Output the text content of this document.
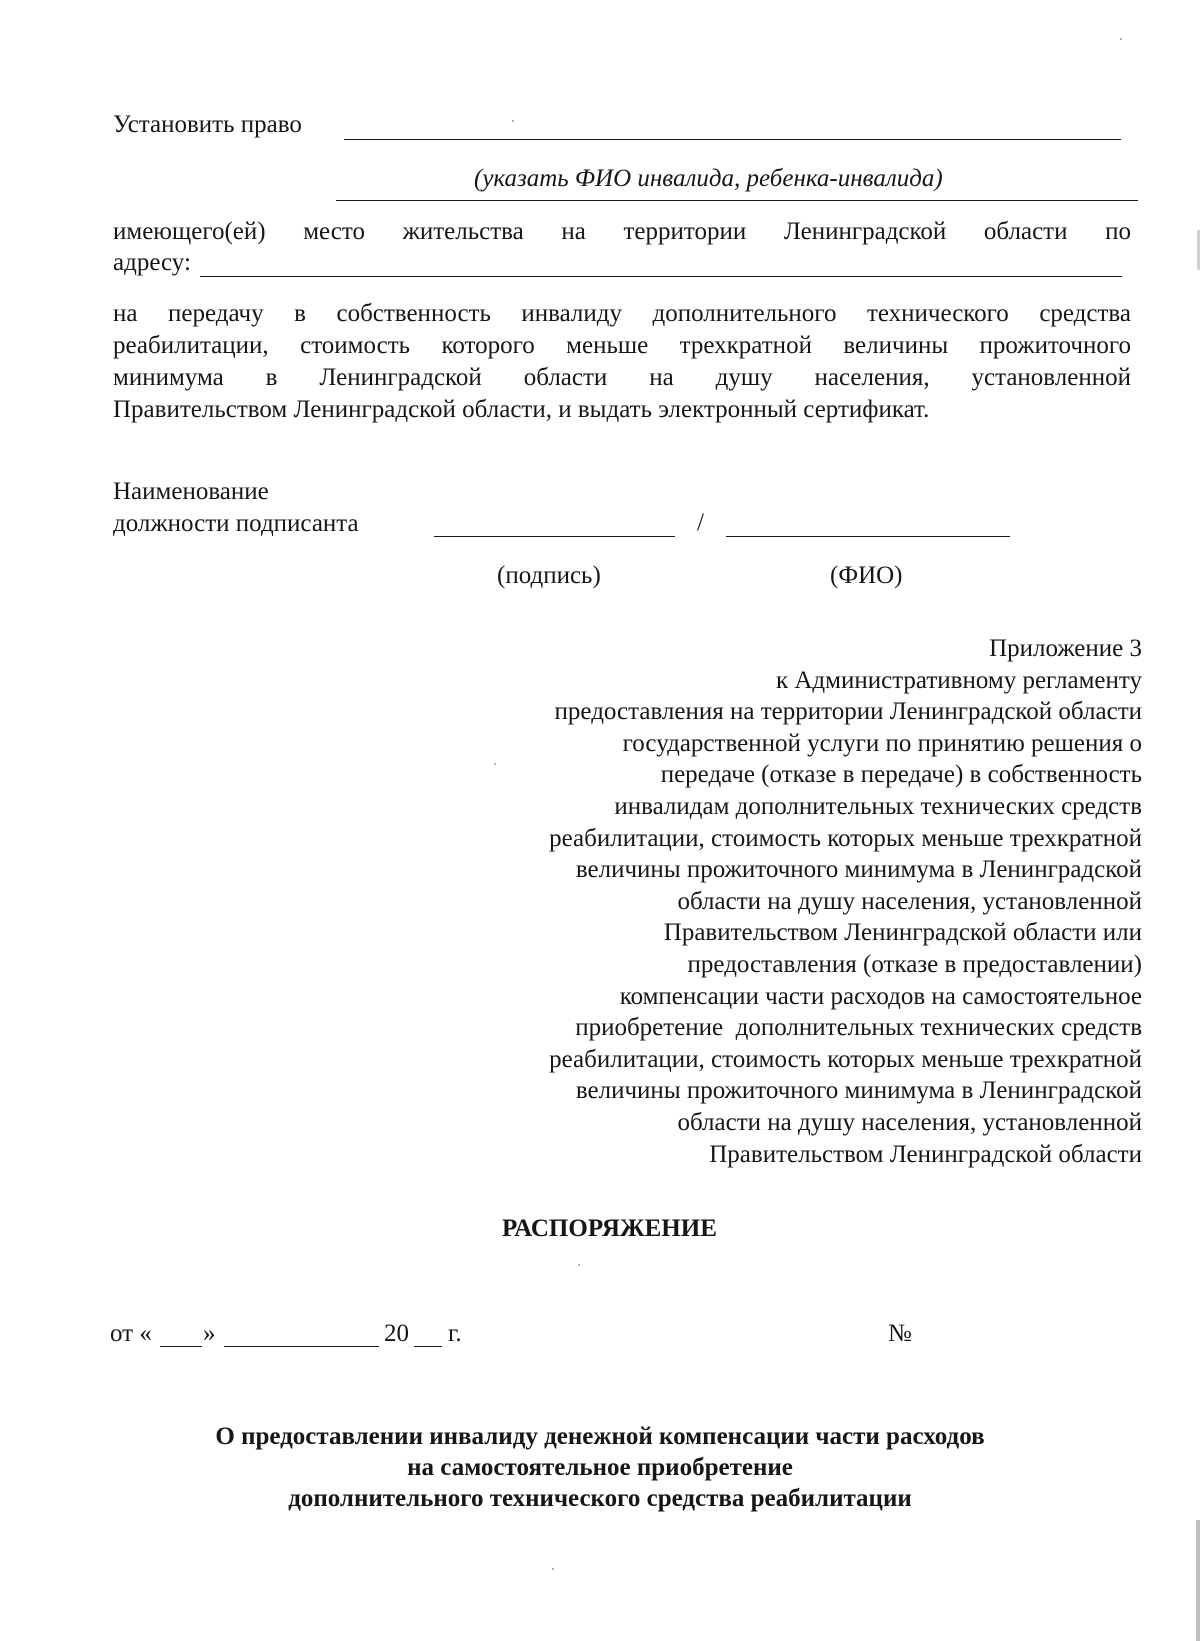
Установить право
(указать ФИО инвалида, ребенка-инвалида)
имеющего(ей) место жительства на территории Ленинградской области по
адресу:
на передачу в собственность инвалиду дополнительного технического средства
реабилитации, стоимость которого меньше трехкратной величины прожиточного
минимума в Ленинградской области на душу населения, установленной
Правительством Ленинградской области, и выдать электронный сертификат.
Наименование
должности подписанта	/
(подпись)	(ФИО)
Приложение 3
к Административному регламенту
предоставления на территории Ленинградской области
государственной услуги по принятию решения о
передаче (отказе в передаче) в собственность
инвалидам дополнительных технических средств
реабилитации, стоимость которых меньше трехкратной
величины прожиточного минимума в Ленинградской
области на душу населения, установленной
Правительством Ленинградской области или
предоставления (отказе в предоставлении)
компенсации части расходов на самостоятельное
приобретение  дополнительных технических средств
реабилитации, стоимость которых меньше трехкратной
величины прожиточного минимума в Ленинградской
области на душу населения, установленной
Правительством Ленинградской области
РАСПОРЯЖЕНИЕ
от « »	20 г.	№
О предоставлении инвалиду денежной компенсации части расходов
на самостоятельное приобретение
дополнительного технического средства реабилитации
